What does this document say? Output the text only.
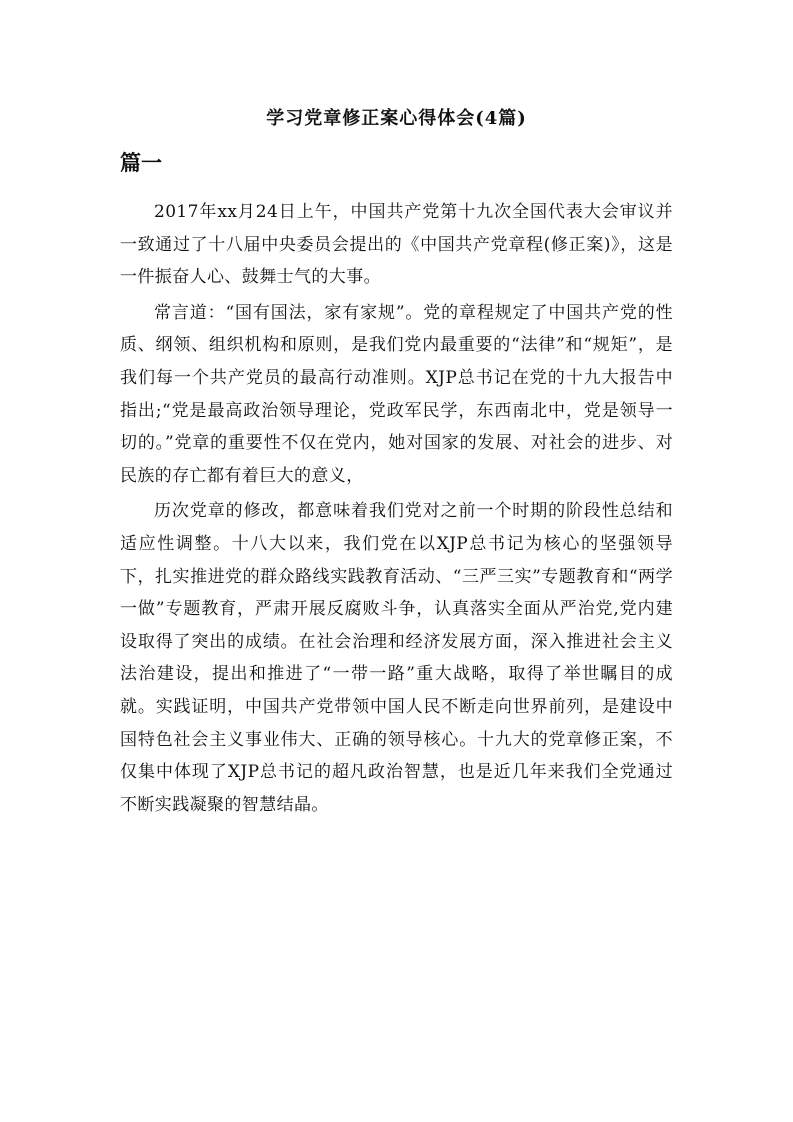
学习党章修正案心得体会(4篇)
篇一

2017年xx月24日上午，中国共产党第十九次全国代表大会审议并一致通过了十八届中央委员会提出的《中国共产党章程(修正案)》，这是一件振奋人心、鼓舞士气的大事。

常言道：“国有国法，家有家规”。党的章程规定了中国共产党的性质、纲领、组织机构和原则，是我们党内最重要的“法律”和“规矩”，是我们每一个共产党员的最高行动准则。XJP总书记在党的十九大报告中指出;“党是最高政治领导理论，党政军民学，东西南北中，党是领导一切的。”党章的重要性不仅在党内，她对国家的发展、对社会的进步、对民族的存亡都有着巨大的意义，

历次党章的修改，都意味着我们党对之前一个时期的阶段性总结和适应性调整。十八大以来，我们党在以XJP总书记为核心的坚强领导下，扎实推进党的群众路线实践教育活动、“三严三实”专题教育和“两学一做”专题教育，严肃开展反腐败斗争，认真落实全面从严治党,党内建设取得了突出的成绩。在社会治理和经济发展方面，深入推进社会主义法治建设，提出和推进了“一带一路”重大战略，取得了举世瞩目的成就。实践证明，中国共产党带领中国人民不断走向世界前列，是建设中国特色社会主义事业伟大、正确的领导核心。十九大的党章修正案，不仅集中体现了XJP总书记的超凡政治智慧，也是近几年来我们全党通过不断实践凝聚的智慧结晶。
